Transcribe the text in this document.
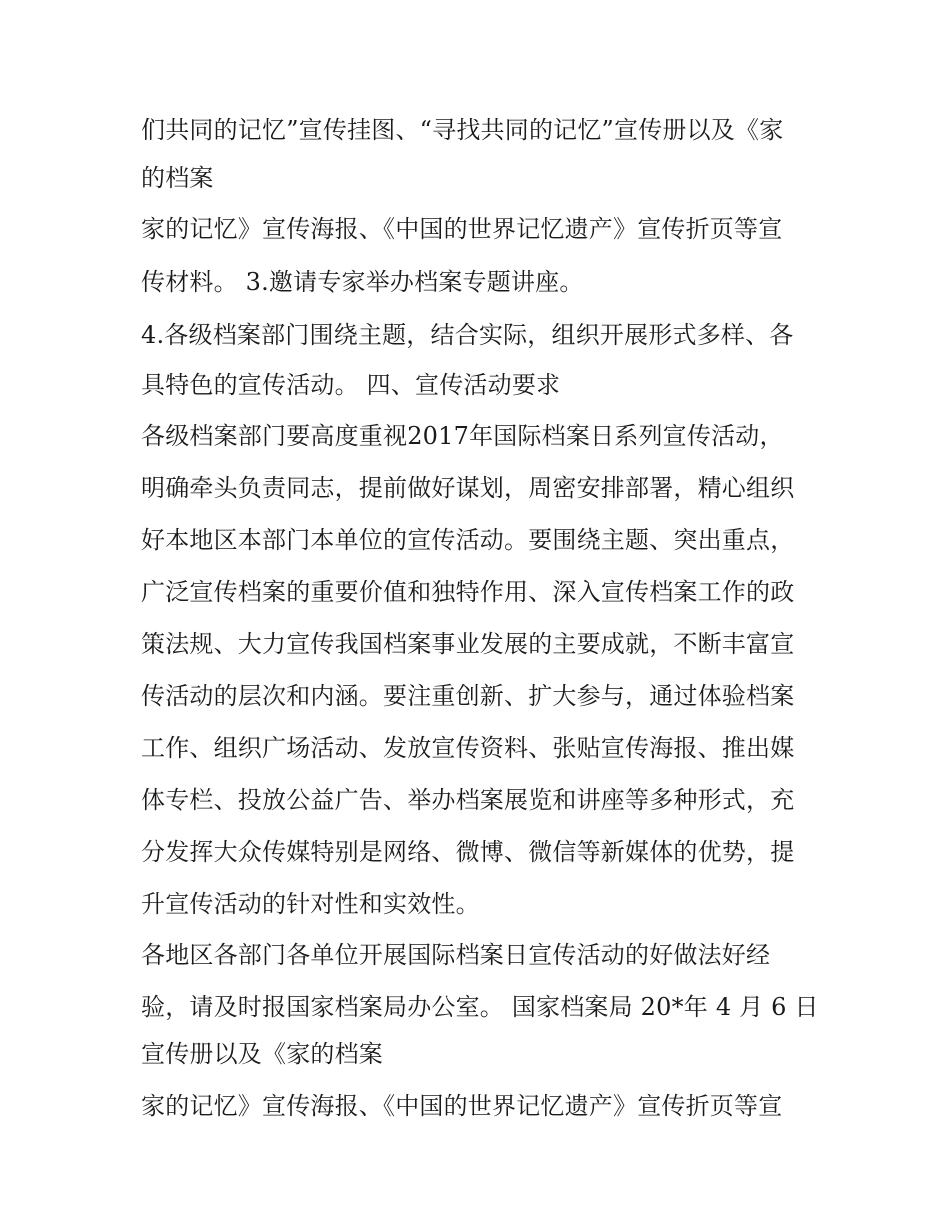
们共同的记忆”宣传挂图、“寻找共同的记忆”宣传册以及《家
的档案
家的记忆》宣传海报、《中国的世界记忆遗产》宣传折页等宣
传材料。 3.邀请专家举办档案专题讲座。
4.各级档案部门围绕主题，结合实际，组织开展形式多样、各
具特色的宣传活动。 四、宣传活动要求
各级档案部门要高度重视2017年国际档案日系列宣传活动，
明确牵头负责同志，提前做好谋划，周密安排部署，精心组织
好本地区本部门本单位的宣传活动。要围绕主题、突出重点，
广泛宣传档案的重要价值和独特作用、深入宣传档案工作的政
策法规、大力宣传我国档案事业发展的主要成就，不断丰富宣
传活动的层次和内涵。要注重创新、扩大参与，通过体验档案
工作、组织广场活动、发放宣传资料、张贴宣传海报、推出媒
体专栏、投放公益广告、举办档案展览和讲座等多种形式，充
分发挥大众传媒特别是网络、微博、微信等新媒体的优势，提
升宣传活动的针对性和实效性。
各地区各部门各单位开展国际档案日宣传活动的好做法好经
验，请及时报国家档案局办公室。 国家档案局 20*年 4 月 6 日
宣传册以及《家的档案
家的记忆》宣传海报、《中国的世界记忆遗产》宣传折页等宣
